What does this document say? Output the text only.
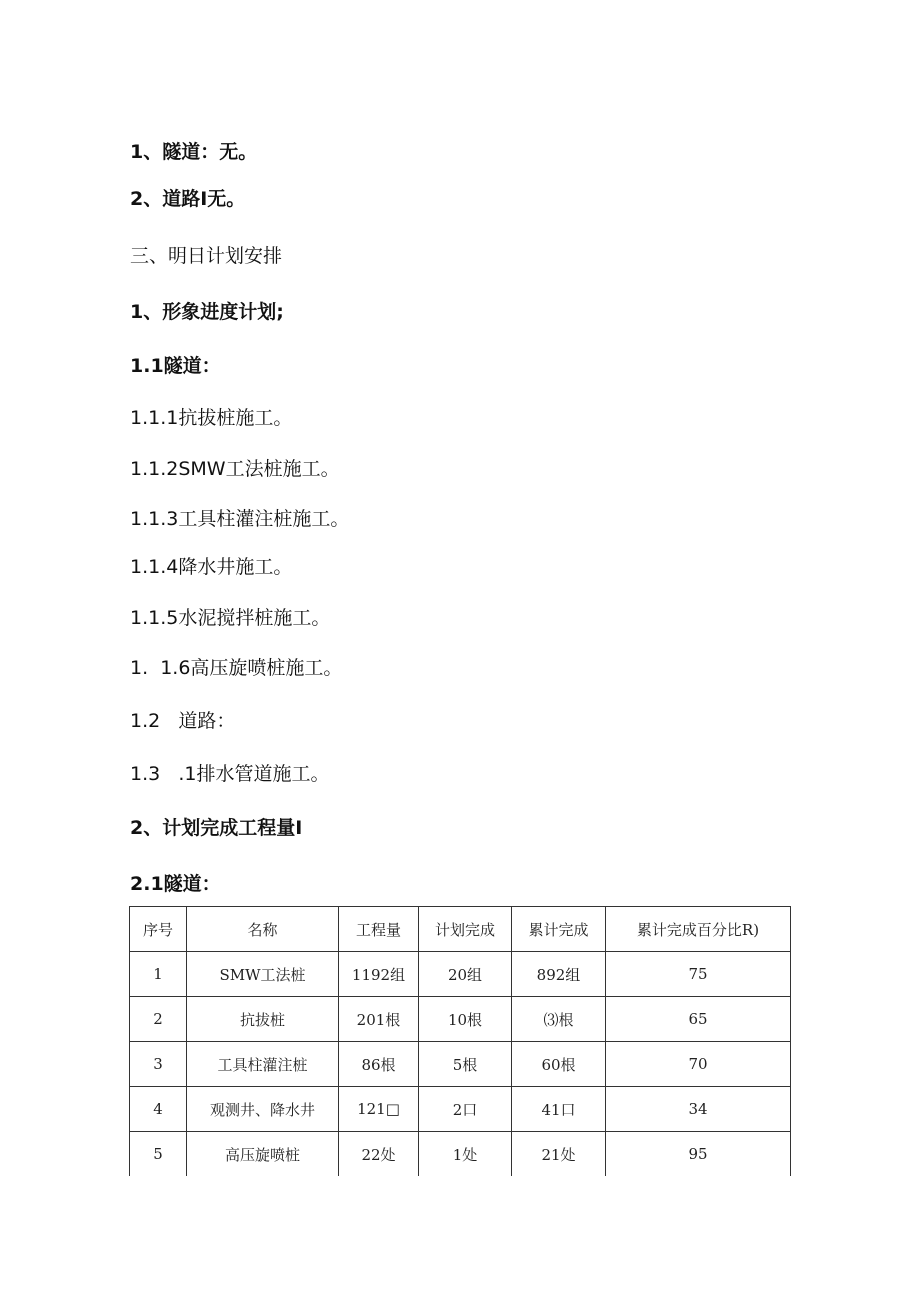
1、隧道：无。
2、道路I无。
三、明日计划安排
1、形象进度计划;
1.1隧道：
1.1.1抗拔桩施工。
1.1.2SMW工法桩施工。
1.1.3工具柱灌注桩施工。
1.1.4降水井施工。
1.1.5水泥搅拌桩施工。
1.  1.6高压旋喷桩施工。
1.2   道路：
1.3   .1排水管道施工。
2、计划完成工程量I
2.1隧道：
序号	名称	工程量	计划完成	累计完成	累计完成百分比R)
1	SMW工法桩	1192组	20组	892组	75
2	抗拔桩	201根	10根	⑶根	65
3	工具柱灌注桩	86根	5根	60根	70
4	观测井、降水井	121□	2口	41口	34
5	高压旋喷桩	22处	1处	21处	95
